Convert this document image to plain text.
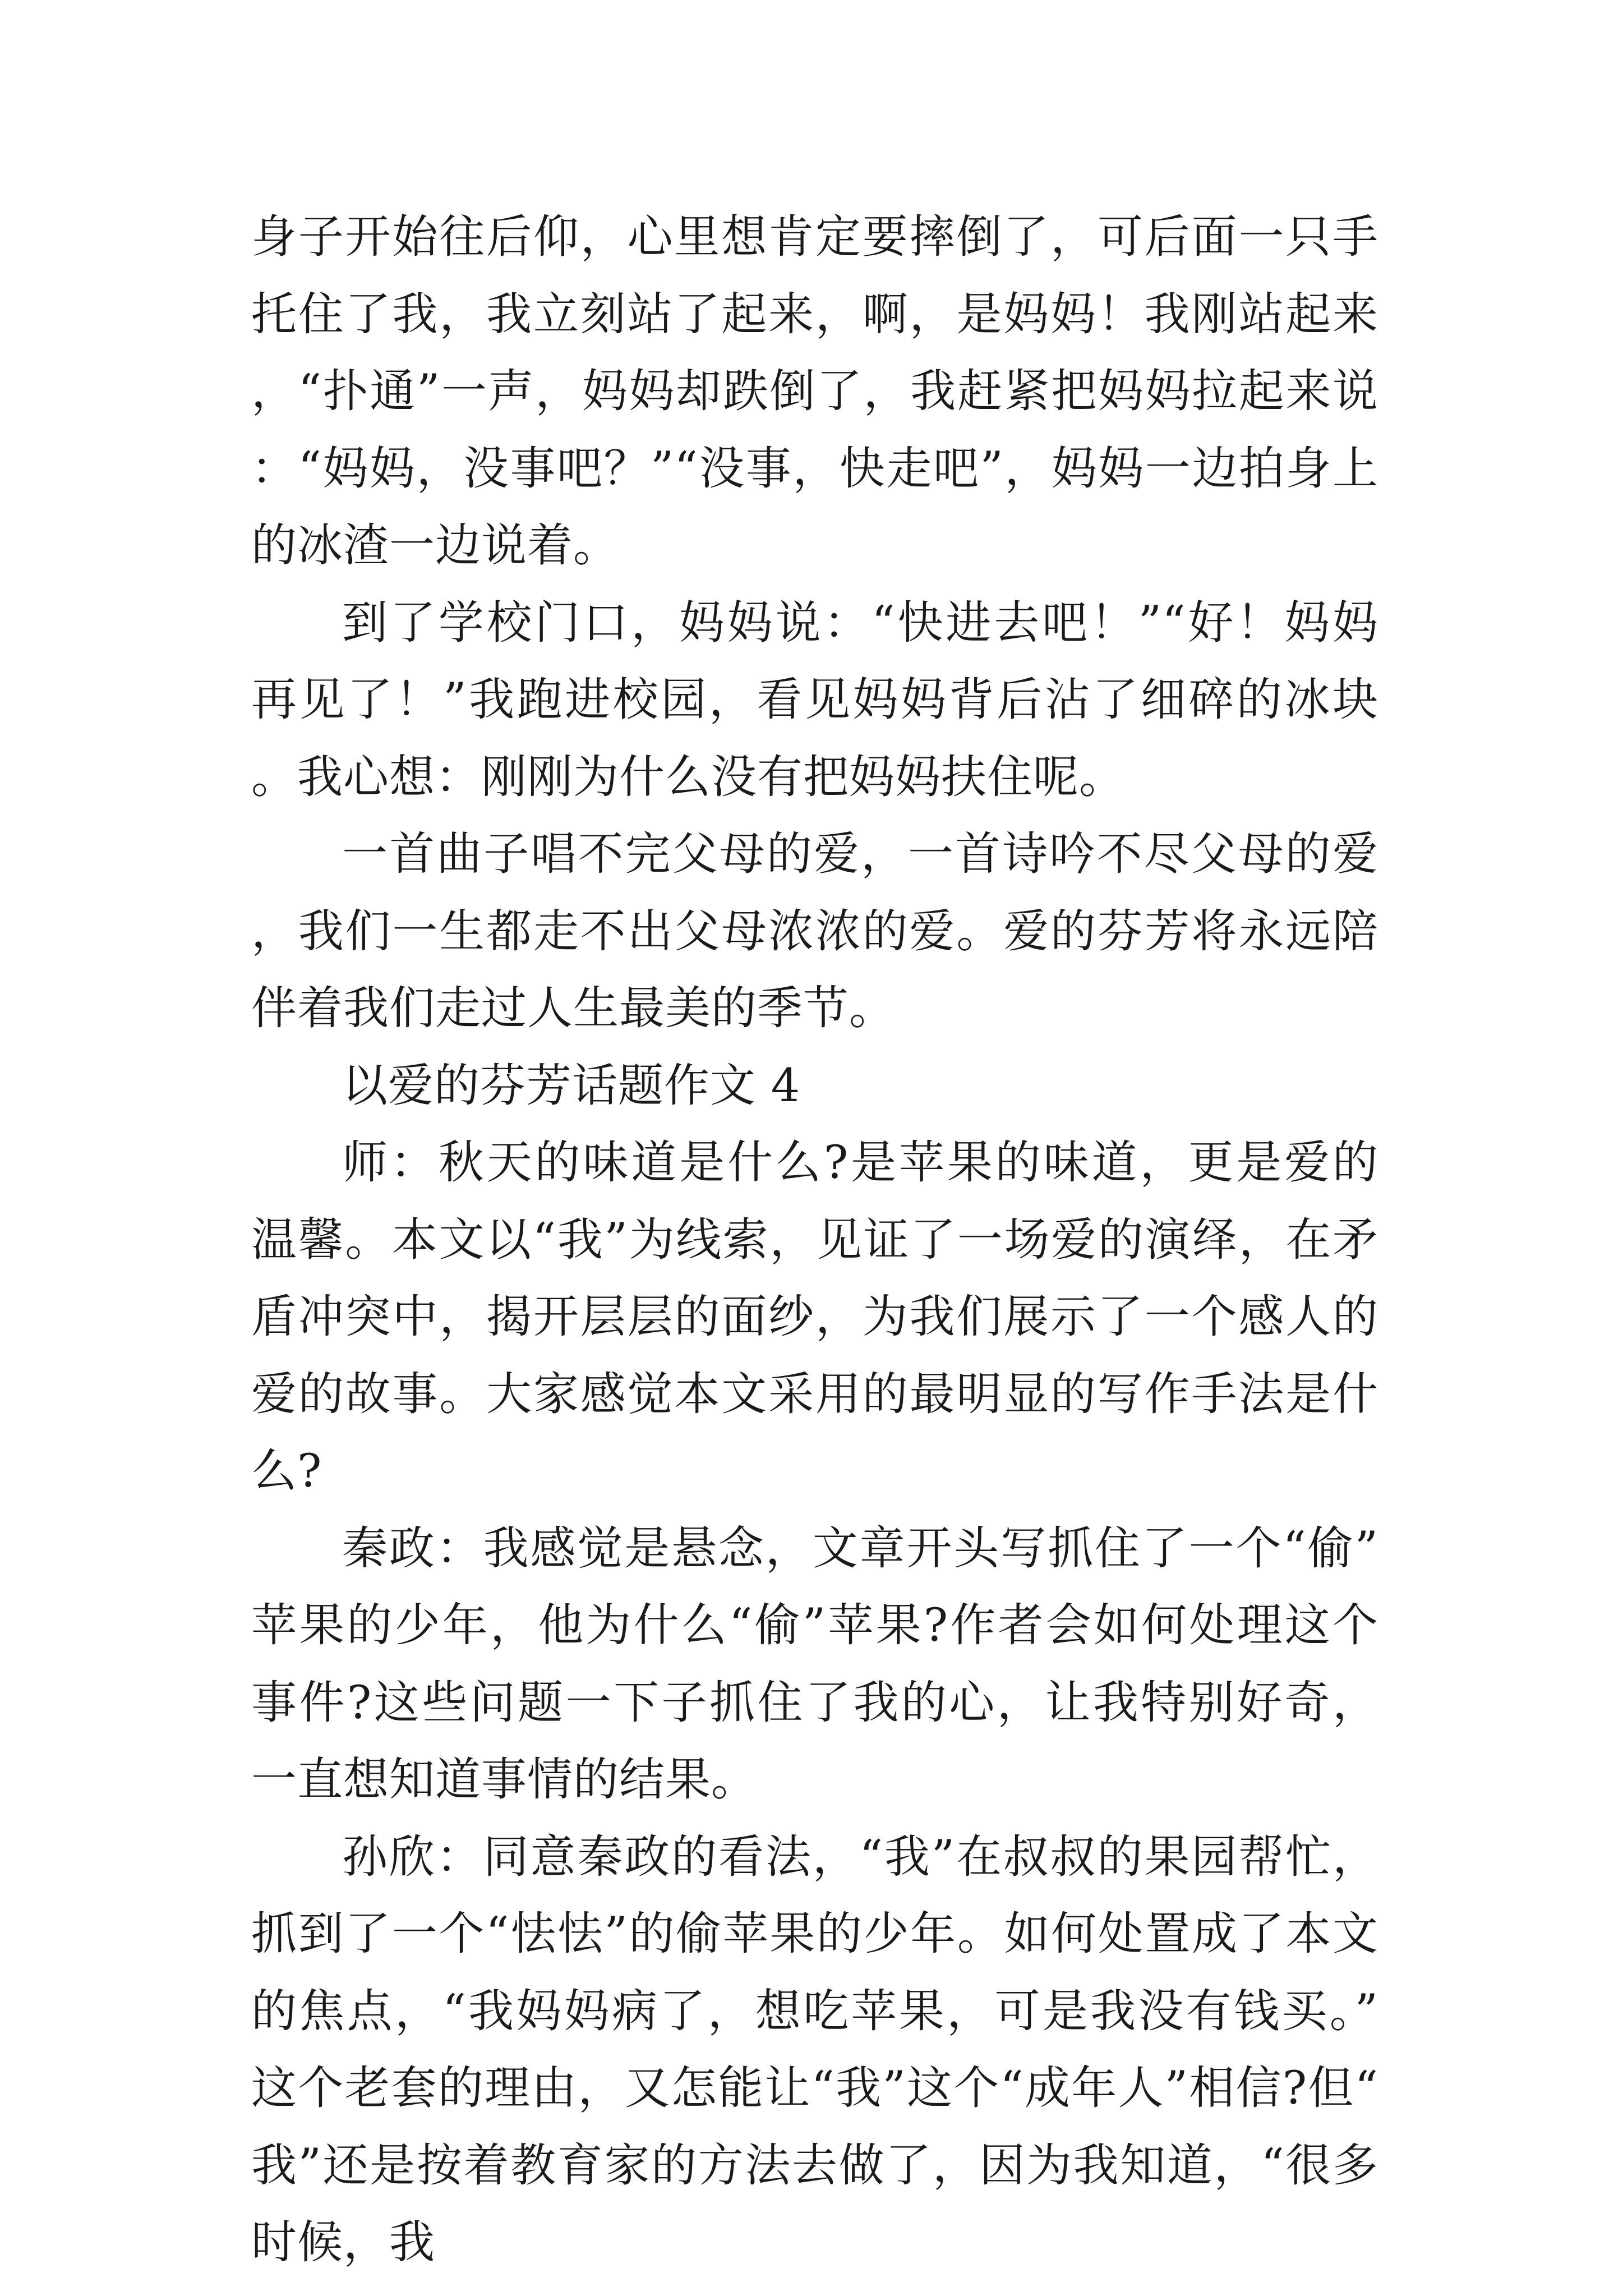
身子开始往后仰，心里想肯定要摔倒了，可后面一只手托住了我，我立刻站了起来，啊，是妈妈！我刚站起来，“扑通”一声，妈妈却跌倒了，我赶紧把妈妈拉起来说：“妈妈，没事吧？”“没事，快走吧”，妈妈一边拍身上的冰渣一边说着。

到了学校门口，妈妈说：“快进去吧！”“好！妈妈再见了！”我跑进校园，看见妈妈背后沾了细碎的冰块。我心想：刚刚为什么没有把妈妈扶住呢。

一首曲子唱不完父母的爱，一首诗吟不尽父母的爱，我们一生都走不出父母浓浓的爱。爱的芬芳将永远陪伴着我们走过人生最美的季节。

以爱的芬芳话题作文 4

师：秋天的味道是什么?是苹果的味道，更是爱的温馨。本文以“我”为线索，见证了一场爱的演绎，在矛盾冲突中，揭开层层的面纱，为我们展示了一个感人的爱的故事。大家感觉本文采用的最明显的写作手法是什么?

秦政：我感觉是悬念，文章开头写抓住了一个“偷”苹果的少年，他为什么“偷”苹果?作者会如何处理这个事件?这些问题一下子抓住了我的心，让我特别好奇，一直想知道事情的结果。

孙欣：同意秦政的看法，“我”在叔叔的果园帮忙，抓到了一个“怯怯”的偷苹果的少年。如何处置成了本文的焦点，“我妈妈病了，想吃苹果，可是我没有钱买。”这个老套的理由，又怎能让“我”这个“成年人”相信?但“我”还是按着教育家的方法去做了，因为我知道，“很多时候，我
